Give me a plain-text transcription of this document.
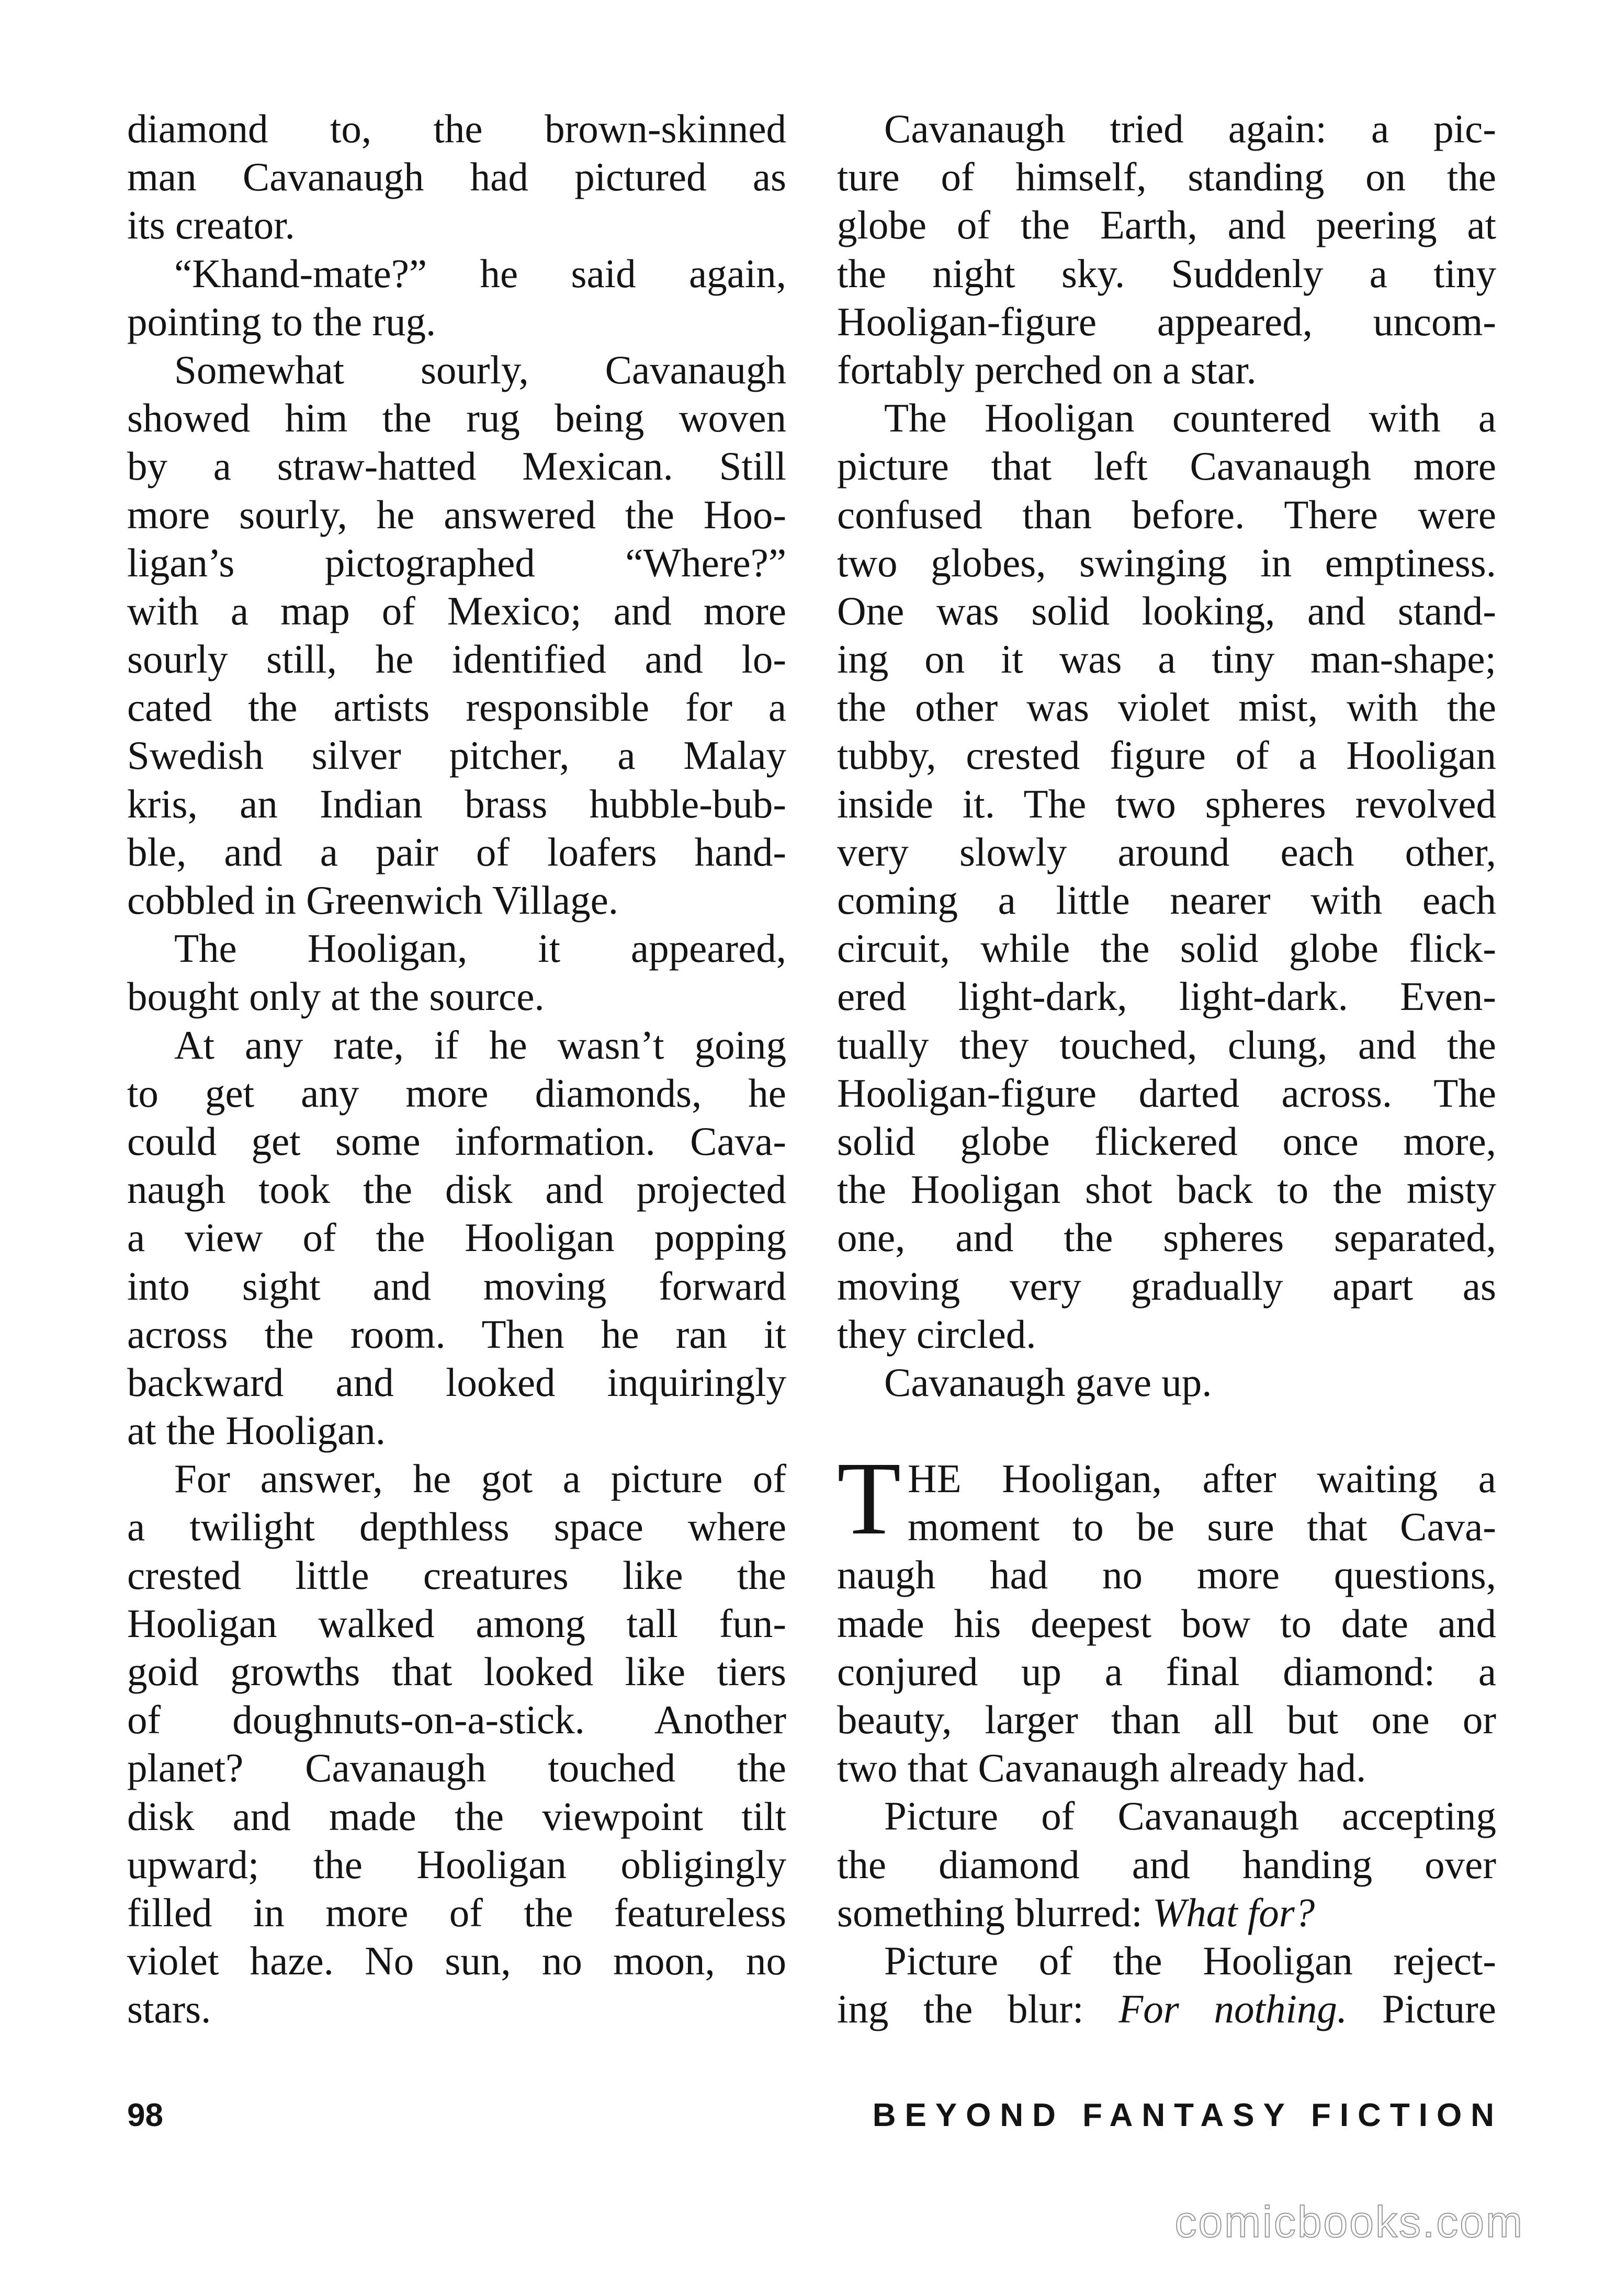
diamond to, the brown-skinned
man Cavanaugh had pictured as
its creator.
“Khand-mate?” he said again,
pointing to the rug.
Somewhat sourly, Cavanaugh
showed him the rug being woven
by a straw-hatted Mexican. Still
more sourly, he answered the Hoo-
ligan’s pictographed “Where?”
with a map of Mexico; and more
sourly still, he identified and lo-
cated the artists responsible for a
Swedish silver pitcher, a Malay
kris, an Indian brass hubble-bub-
ble, and a pair of loafers hand-
cobbled in Greenwich Village.
The Hooligan, it appeared,
bought only at the source.
At any rate, if he wasn’t going
to get any more diamonds, he
could get some information. Cava-
naugh took the disk and projected
a view of the Hooligan popping
into sight and moving forward
across the room. Then he ran it
backward and looked inquiringly
at the Hooligan.
For answer, he got a picture of
a twilight depthless space where
crested little creatures like the
Hooligan walked among tall fun-
goid growths that looked like tiers
of doughnuts-on-a-stick. Another
planet? Cavanaugh touched the
disk and made the viewpoint tilt
upward; the Hooligan obligingly
filled in more of the featureless
violet haze. No sun, no moon, no
stars.
Cavanaugh tried again: a pic-
ture of himself, standing on the
globe of the Earth, and peering at
the night sky. Suddenly a tiny
Hooligan-figure appeared, uncom-
fortably perched on a star.
The Hooligan countered with a
picture that left Cavanaugh more
confused than before. There were
two globes, swinging in emptiness.
One was solid looking, and stand-
ing on it was a tiny man-shape;
the other was violet mist, with the
tubby, crested figure of a Hooligan
inside it. The two spheres revolved
very slowly around each other,
coming a little nearer with each
circuit, while the solid globe flick-
ered light-dark, light-dark. Even-
tually they touched, clung, and the
Hooligan-figure darted across. The
solid globe flickered once more,
the Hooligan shot back to the misty
one, and the spheres separated,
moving very gradually apart as
they circled.
Cavanaugh gave up.
T HE Hooligan, after waiting a
moment to be sure that Cava-
naugh had no more questions,
made his deepest bow to date and
conjured up a final diamond: a
beauty, larger than all but one or
two that Cavanaugh already had.
Picture of Cavanaugh accepting
the diamond and handing over
something blurred: What for?
Picture of the Hooligan reject-
ing the blur: For nothing. Picture
98	BEYOND FANTASY FICTION
comicbooks.com
